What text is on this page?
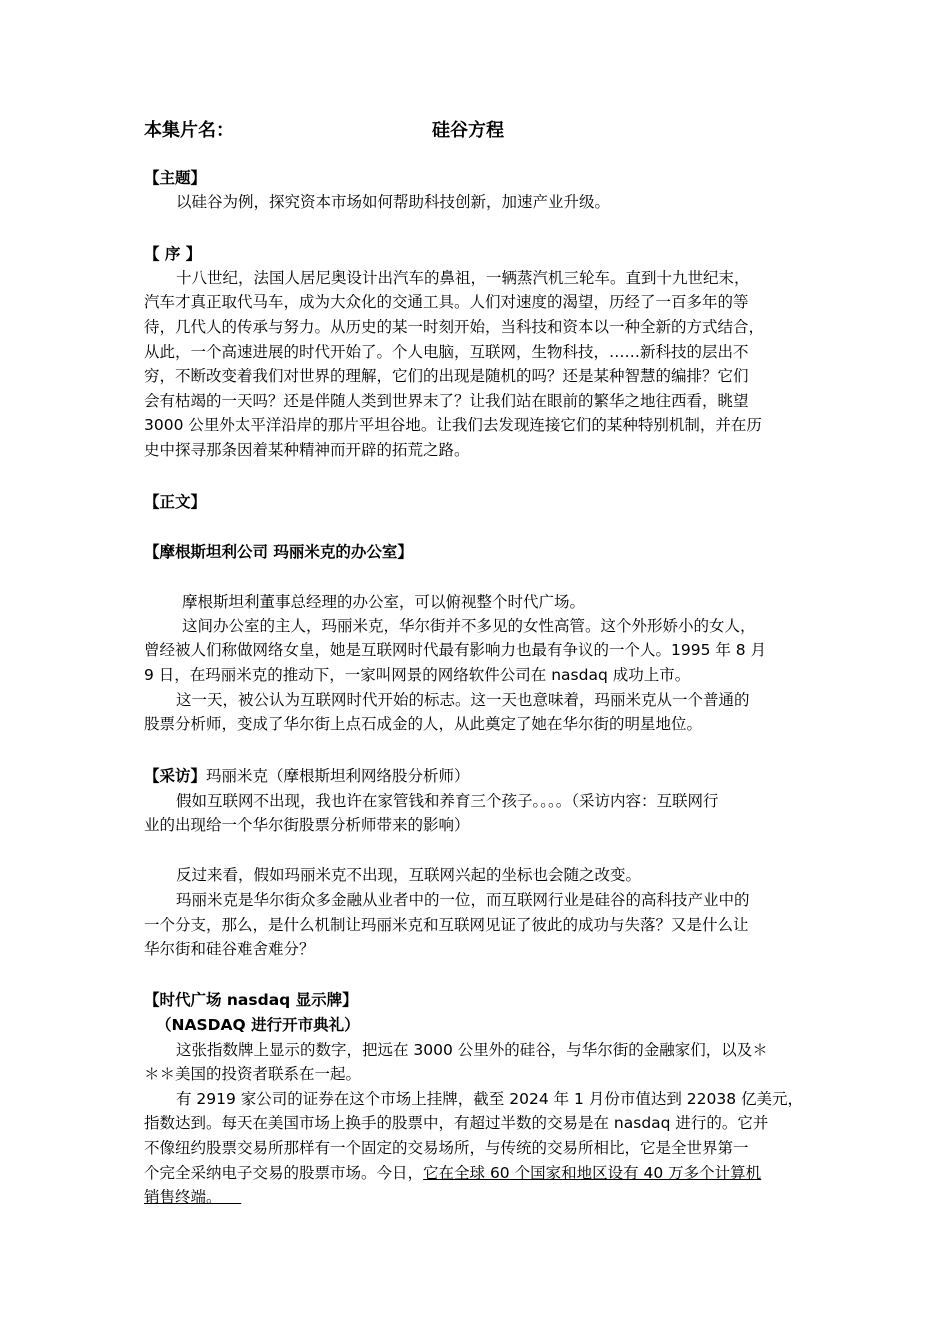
本集片名：	硅谷方程
【主题】
以硅谷为例，探究资本市场如何帮助科技创新，加速产业升级。
【 序 】
十八世纪，法国人居尼奥设计出汽车的鼻祖，一辆蒸汽机三轮车。直到十九世纪末，
汽车才真正取代马车，成为大众化的交通工具。人们对速度的渴望，历经了一百多年的等
待，几代人的传承与努力。从历史的某一时刻开始，当科技和资本以一种全新的方式结合，
从此，一个高速进展的时代开始了。个人电脑，互联网，生物科技，……新科技的层出不
穷，不断改变着我们对世界的理解，它们的出现是随机的吗？还是某种智慧的编排？它们
会有枯竭的一天吗？还是伴随人类到世界末了？让我们站在眼前的繁华之地往西看，眺望
3000 公里外太平洋沿岸的那片平坦谷地。让我们去发现连接它们的某种特别机制，并在历
史中探寻那条因着某种精神而开辟的拓荒之路。
【正文】
【摩根斯坦利公司 玛丽米克的办公室】
摩根斯坦利董事总经理的办公室，可以俯视整个时代广场。
这间办公室的主人，玛丽米克，华尔街并不多见的女性高管。这个外形娇小的女人，
曾经被人们称做网络女皇，她是互联网时代最有影响力也最有争议的一个人。1995 年 8 月
9 日，在玛丽米克的推动下，一家叫网景的网络软件公司在 nasdaq 成功上市。
这一天，被公认为互联网时代开始的标志。这一天也意味着，玛丽米克从一个普通的
股票分析师，变成了华尔街上点石成金的人，从此奠定了她在华尔街的明星地位。
【采访】玛丽米克（摩根斯坦利网络股分析师）
假如互联网不出现，我也许在家管钱和养育三个孩子。。。。（采访内容：互联网行
业的出现给一个华尔街股票分析师带来的影响）
反过来看，假如玛丽米克不出现，互联网兴起的坐标也会随之改变。
玛丽米克是华尔街众多金融从业者中的一位，而互联网行业是硅谷的高科技产业中的
一个分支，那么，是什么机制让玛丽米克和互联网见证了彼此的成功与失落？又是什么让
华尔街和硅谷难舍难分？
【时代广场 nasdaq 显示牌】
（NASDAQ 进行开市典礼）
这张指数牌上显示的数字，把远在 3000 公里外的硅谷，与华尔街的金融家们，以及＊
＊＊美国的投资者联系在一起。
有 2919 家公司的证券在这个市场上挂牌，截至 2024 年 1 月份市值达到 22038 亿美元，
指数达到。每天在美国市场上换手的股票中，有超过半数的交易是在 nasdaq 进行的。它并
不像纽约股票交易所那样有一个固定的交易场所，与传统的交易所相比，它是全世界第一
个完全采纳电子交易的股票市场。今日，它在全球 60 个国家和地区设有 40 万多个计算机
销售终端。
